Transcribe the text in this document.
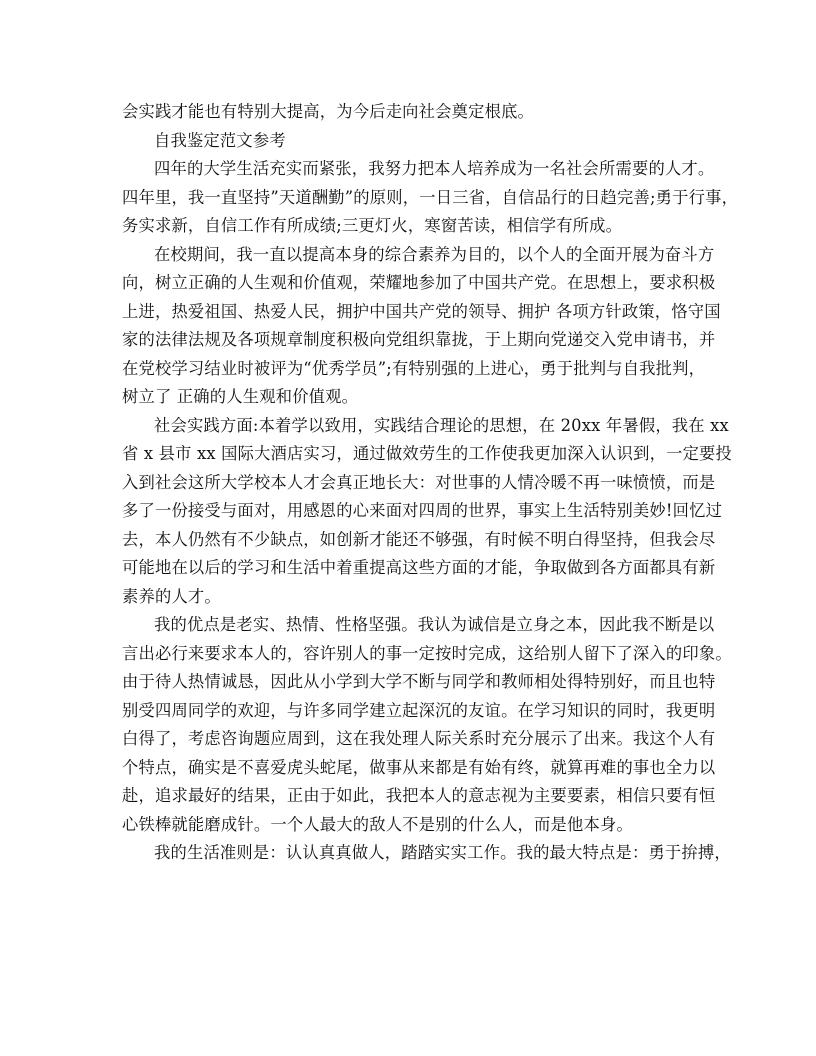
会实践才能也有特别大提高，为今后走向社会奠定根底。
自我鉴定范文参考
四年的大学生活充实而紧张，我努力把本人培养成为一名社会所需要的人才。
四年里，我一直坚持”天道酬勤”的原则，一日三省，自信品行的日趋完善;勇于行事，
务实求新，自信工作有所成绩;三更灯火，寒窗苦读，相信学有所成。
在校期间，我一直以提高本身的综合素养为目的，以个人的全面开展为奋斗方
向，树立正确的人生观和价值观，荣耀地参加了中国共产党。在思想上，要求积极
上进，热爱祖国、热爱人民，拥护中国共产党的领导、拥护 各项方针政策，恪守国
家的法律法规及各项规章制度积极向党组织靠拢，于上期向党递交入党申请书，并
在党校学习结业时被评为“优秀学员”;有特别强的上进心，勇于批判与自我批判，
树立了 正确的人生观和价值观。
社会实践方面:本着学以致用，实践结合理论的思想，在 20xx 年暑假，我在 xx
省 x 县市 xx 国际大酒店实习，通过做效劳生的工作使我更加深入认识到，一定要投
入到社会这所大学校本人才会真正地长大：对世事的人情冷暖不再一味愤愤，而是
多了一份接受与面对，用感恩的心来面对四周的世界，事实上生活特别美妙!回忆过
去，本人仍然有不少缺点，如创新才能还不够强，有时候不明白得坚持，但我会尽
可能地在以后的学习和生活中着重提高这些方面的才能，争取做到各方面都具有新
素养的人才。
我的优点是老实、热情、性格坚强。我认为诚信是立身之本，因此我不断是以
言出必行来要求本人的，容许别人的事一定按时完成，这给别人留下了深入的印象。
由于待人热情诚恳，因此从小学到大学不断与同学和教师相处得特别好，而且也特
别受四周同学的欢迎，与许多同学建立起深沉的友谊。在学习知识的同时，我更明
白得了，考虑咨询题应周到，这在我处理人际关系时充分展示了出来。我这个人有
个特点，确实是不喜爱虎头蛇尾，做事从来都是有始有终，就算再难的事也全力以
赴，追求最好的结果，正由于如此，我把本人的意志视为主要要素，相信只要有恒
心铁棒就能磨成针。一个人最大的敌人不是别的什么人，而是他本身。
我的生活准则是：认认真真做人，踏踏实实工作。我的最大特点是：勇于拚搏，
